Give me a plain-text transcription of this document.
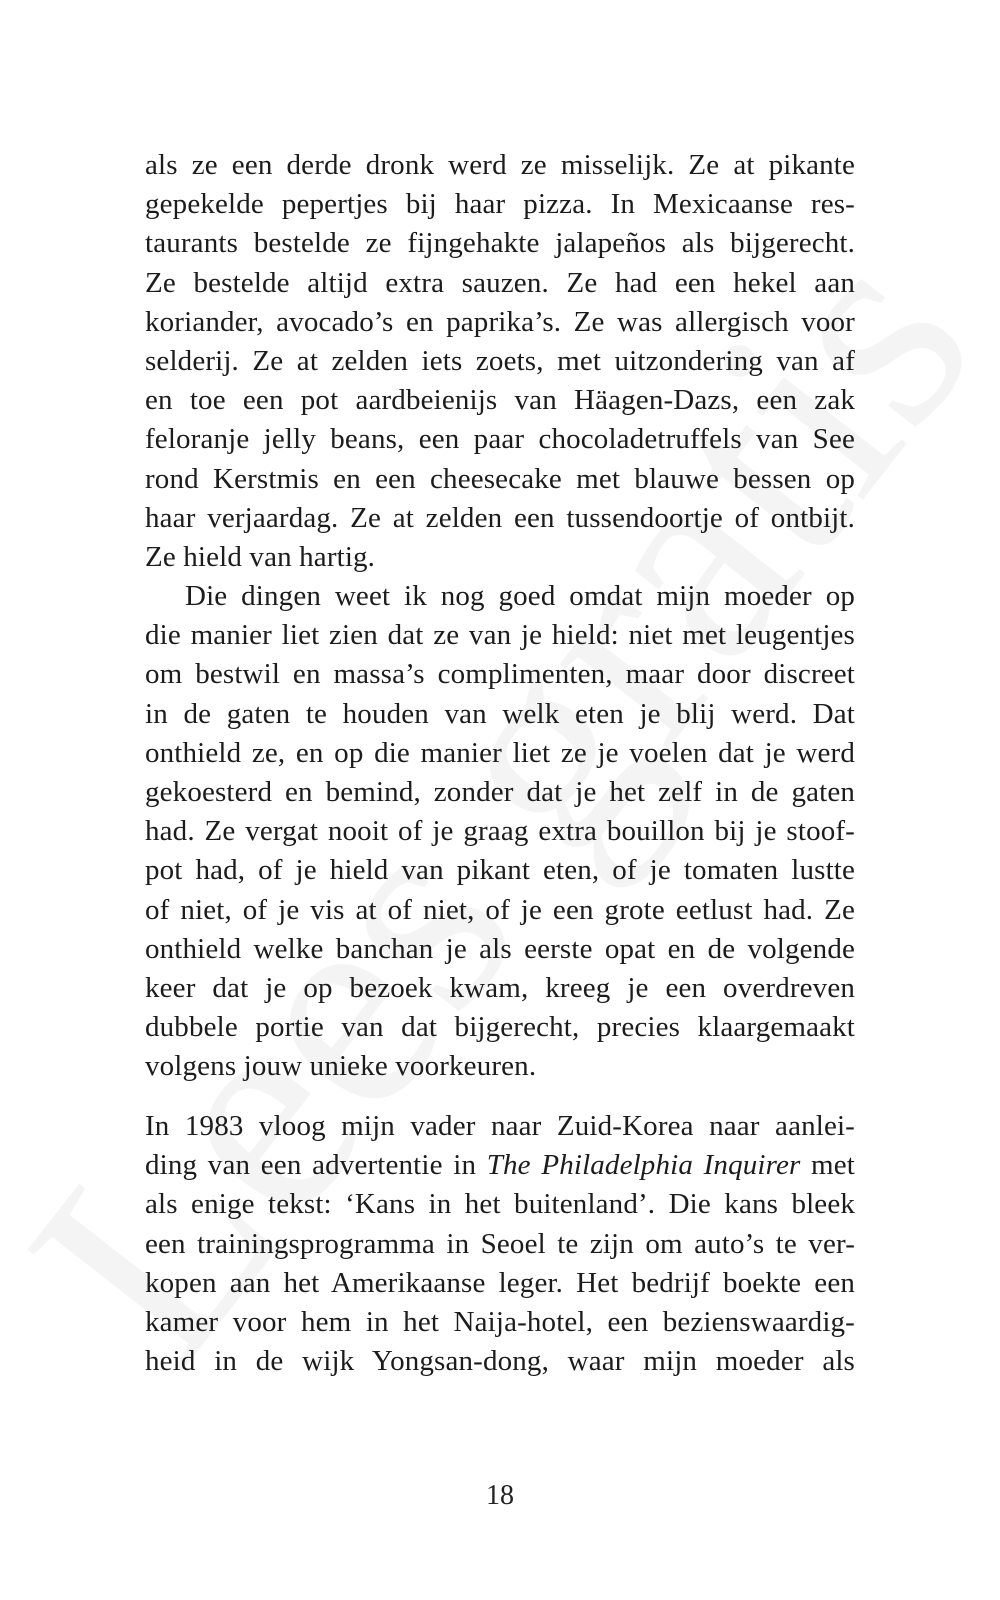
als ze een derde dronk werd ze misselijk. Ze at pikante
gepekelde pepertjes bij haar pizza. In Mexicaanse res-
taurants bestelde ze fijngehakte jalapeños als bijgerecht.
Ze bestelde altijd extra sauzen. Ze had een hekel aan
koriander, avocado’s en paprika’s. Ze was allergisch voor
selderij. Ze at zelden iets zoets, met uitzondering van af
en toe een pot aardbeienijs van Häagen-Dazs, een zak
feloranje jelly beans, een paar chocoladetruffels van See
rond Kerstmis en een cheesecake met blauwe bessen op
haar verjaardag. Ze at zelden een tussendoortje of ontbijt.
Ze hield van hartig.
Die dingen weet ik nog goed omdat mijn moeder op
die manier liet zien dat ze van je hield: niet met leugentjes
om bestwil en massa’s complimenten, maar door discreet
in de gaten te houden van welk eten je blij werd. Dat
onthield ze, en op die manier liet ze je voelen dat je werd
gekoesterd en bemind, zonder dat je het zelf in de gaten
had. Ze vergat nooit of je graag extra bouillon bij je stoof-
pot had, of je hield van pikant eten, of je tomaten lustte
of niet, of je vis at of niet, of je een grote eetlust had. Ze
onthield welke banchan je als eerste opat en de volgende
keer dat je op bezoek kwam, kreeg je een overdreven
dubbele portie van dat bijgerecht, precies klaargemaakt
volgens jouw unieke voorkeuren.
In 1983 vloog mijn vader naar Zuid-Korea naar aanlei-
ding van een advertentie in The Philadelphia Inquirer met
als enige tekst: ‘Kans in het buitenland’. Die kans bleek
een trainingsprogramma in Seoel te zijn om auto’s te ver-
kopen aan het Amerikaanse leger. Het bedrijf boekte een
kamer voor hem in het Naija-hotel, een bezienswaardig-
heid in de wijk Yongsan-dong, waar mijn moeder als
18
